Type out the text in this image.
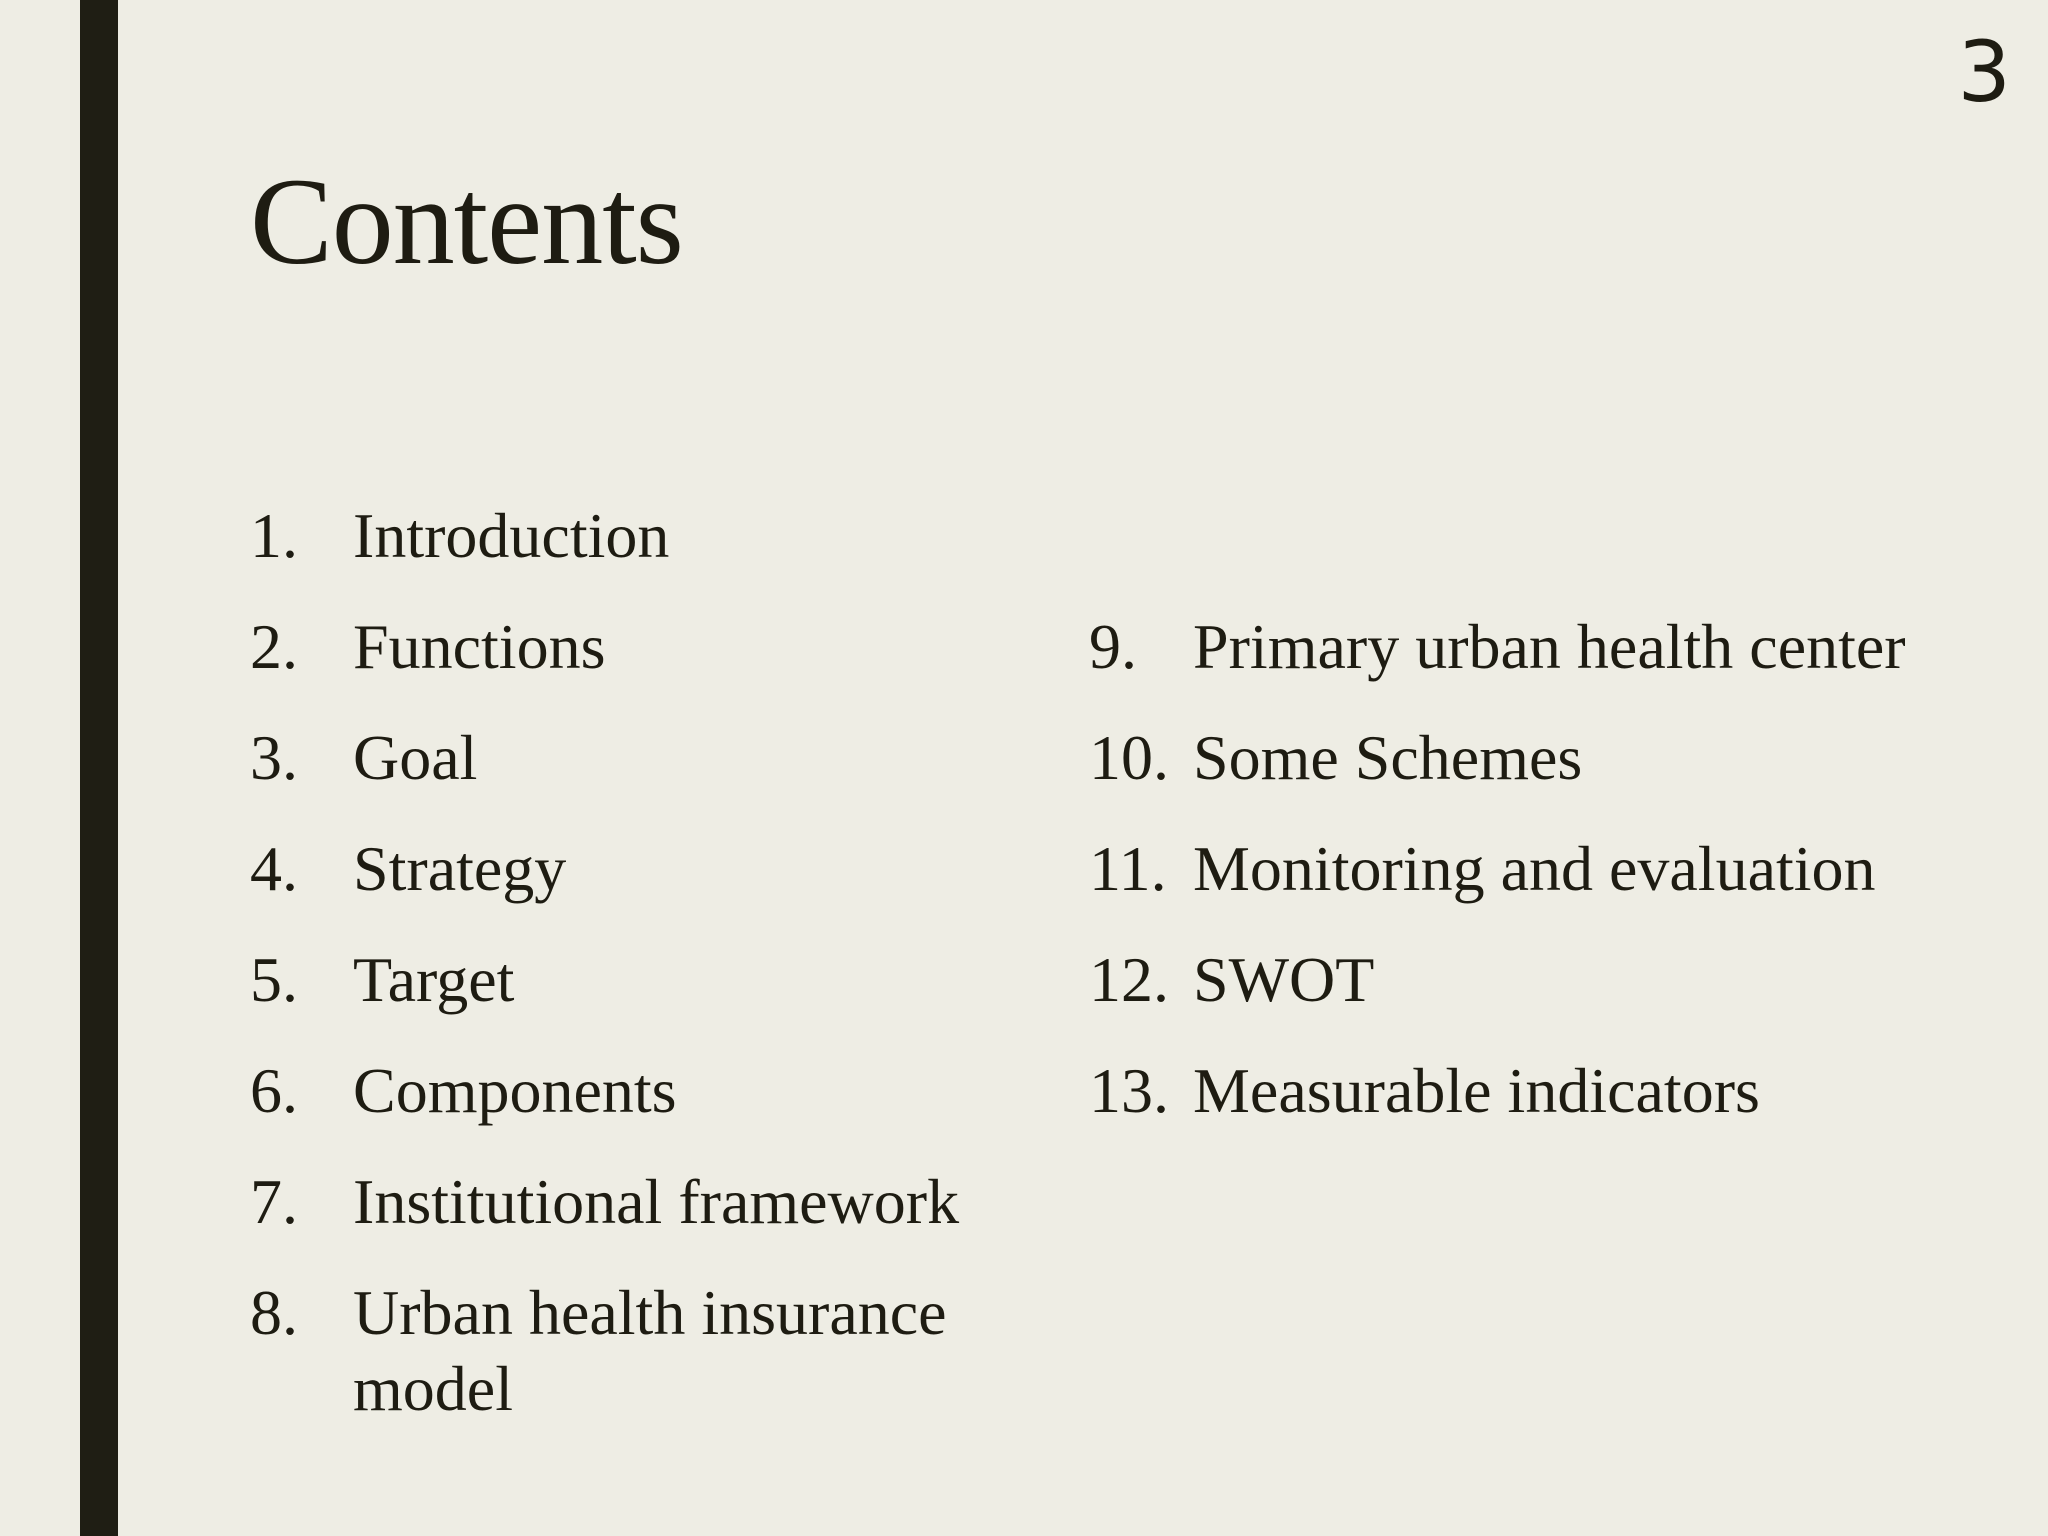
3
Contents
1. Introduction
2. Functions
3. Goal
4. Strategy
5. Target
6. Components
7. Institutional framework
8. Urban health insurance model
9. Primary urban health center
10. Some Schemes
11. Monitoring and evaluation
12. SWOT
13. Measurable indicators
